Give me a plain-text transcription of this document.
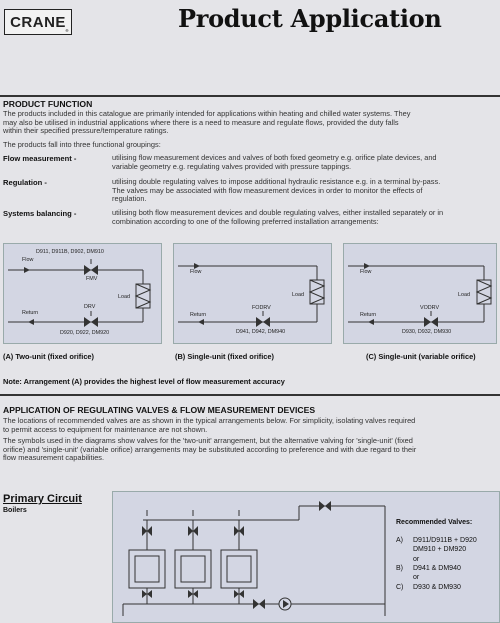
CRANE ®	Product Application
PRODUCT FUNCTION
The products included in this catalogue are primarily intended for applications within heating and chilled water systems. They
may also be utilised in industrial applications where there is a need to measure and regulate flows, provided the duty falls
within their specified pressure/temperature ratings.
The products fall into three functional groupings:
Flow measurement -	utilising flow measurement devices and valves of both fixed geometry e.g. orifice plate devices, and
variable geometry e.g. regulating valves provided with pressure tappings.
Regulation -	utilising double regulating valves to impose additional hydraulic resistance e.g. in a terminal by-pass.
The valves may be associated with flow measurement devices in order to monitor the effects of
regulation.
Systems balancing -	utilising both flow measurement devices and double regulating valves, either installed separately or in
combination according to one of the following preferred installation arrangements:
D911, D911B, D902, DM910
Flow
FMV
Load
DRV
Return
D920, D922, DM920
Flow
Load
FODRV
Return
D941, D942, DM940
Flow
Load
VODRV
Return
D930, D932, DM930
(A) Two-unit (fixed orifice)	(B) Single-unit (fixed orifice)	(C) Single-unit (variable orifice)
Note: Arrangement (A) provides the highest level of flow measurement accuracy
APPLICATION OF REGULATING VALVES & FLOW MEASUREMENT DEVICES
The locations of recommended valves are as shown in the typical arrangements below. For simplicity, isolating valves required
to permit access to equipment for maintenance are not shown.
The symbols used in the diagrams show valves for the 'two-unit' arrangement, but the alternative valving for 'single-unit' (fixed
orifice) and 'single-unit' (variable orifice) arrangements may be substituted according to preference and with due regard to their
flow measurement capabilities.
Primary Circuit
Boilers
Recommended Valves:
A) D911/D911B + D920
DM910 + DM920
or
B) D941 & DM940
or
C) D930 & DM930
